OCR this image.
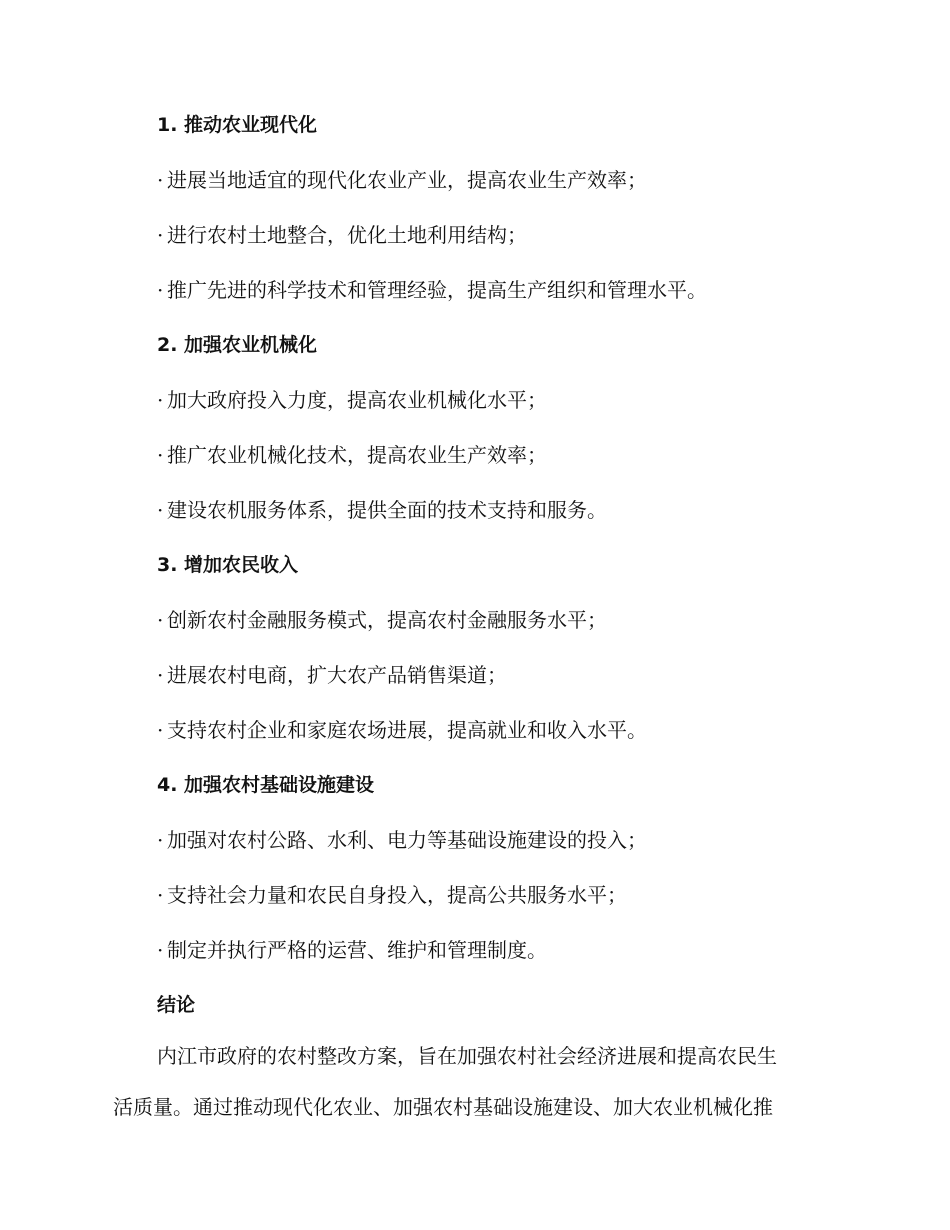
1. 推动农业现代化
· 进展当地适宜的现代化农业产业，提高农业生产效率；
· 进行农村土地整合，优化土地利用结构；
· 推广先进的科学技术和管理经验，提高生产组织和管理水平。
2. 加强农业机械化
· 加大政府投入力度，提高农业机械化水平；
· 推广农业机械化技术，提高农业生产效率；
· 建设农机服务体系，提供全面的技术支持和服务。
3. 增加农民收入
· 创新农村金融服务模式，提高农村金融服务水平；
· 进展农村电商，扩大农产品销售渠道；
· 支持农村企业和家庭农场进展，提高就业和收入水平。
4. 加强农村基础设施建设
· 加强对农村公路、水利、电力等基础设施建设的投入；
· 支持社会力量和农民自身投入，提高公共服务水平；
· 制定并执行严格的运营、维护和管理制度。
结论
内江市政府的农村整改方案，旨在加强农村社会经济进展和提高农民生
活质量。通过推动现代化农业、加强农村基础设施建设、加大农业机械化推
